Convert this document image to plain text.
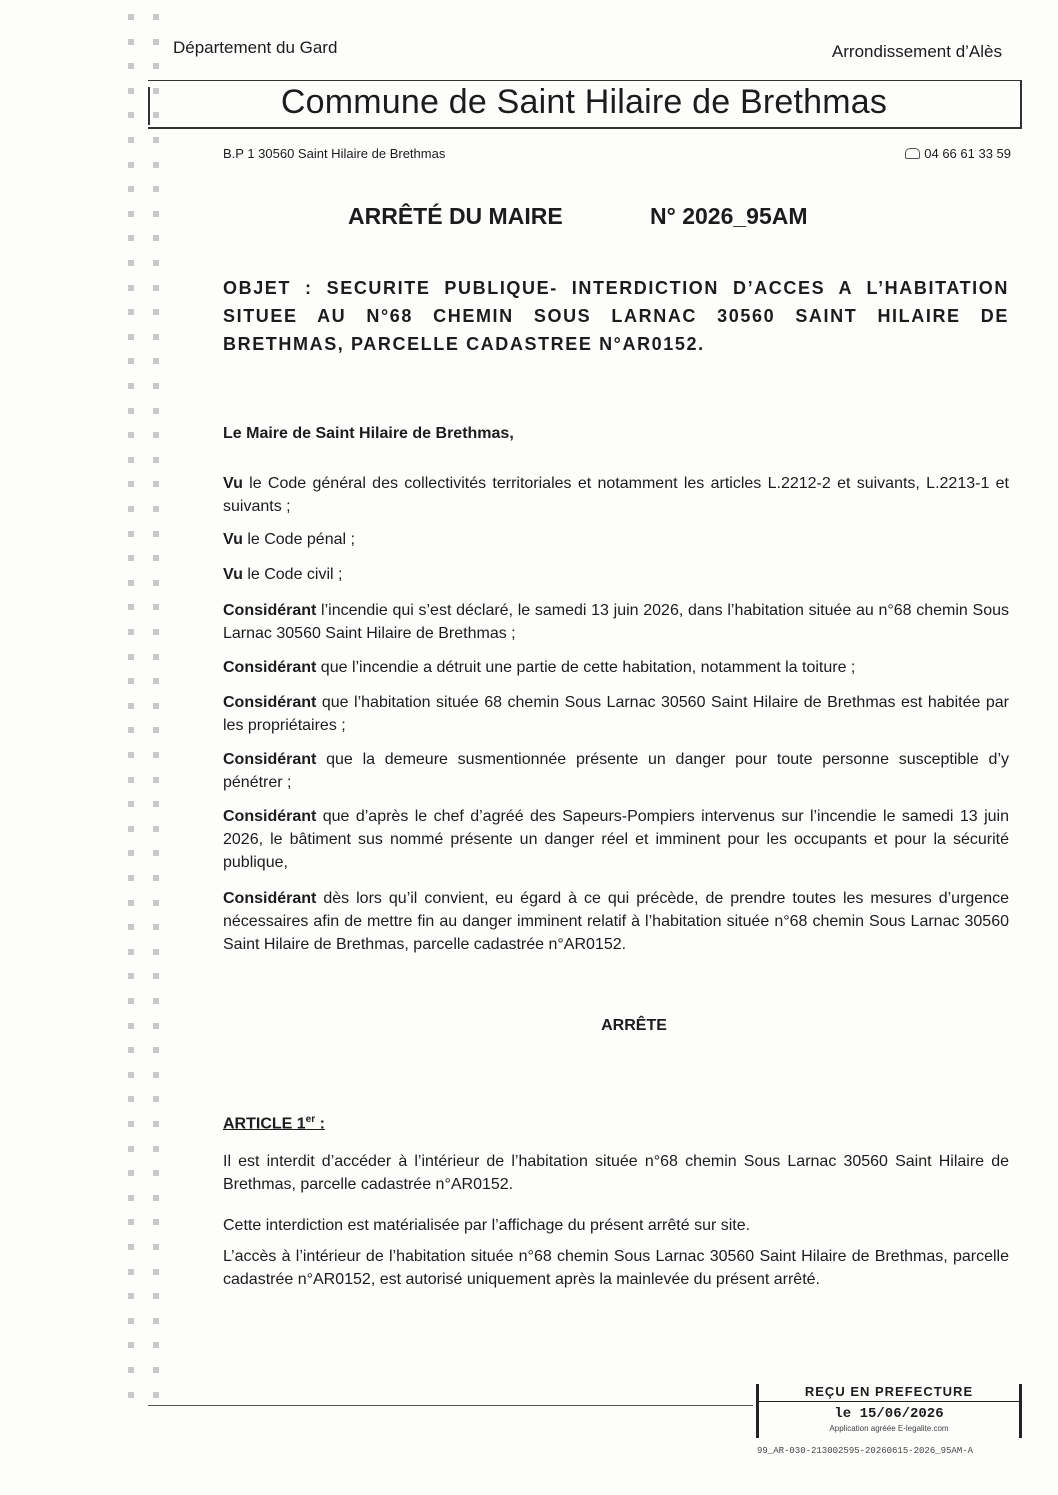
Département du Gard	Arrondissement d’Alès
Commune de Saint Hilaire de Brethmas
B.P 1 30560 Saint Hilaire de Brethmas	04 66 61 33 59
ARRÊTÉ DU MAIRE	N° 2026_95AM
OBJET : SECURITE PUBLIQUE- INTERDICTION D’ACCES A L’HABITATION SITUEE AU N°68 CHEMIN SOUS LARNAC 30560 SAINT HILAIRE DE BRETHMAS, PARCELLE CADASTREE N°AR0152.
Le Maire de Saint Hilaire de Brethmas,
Vu le Code général des collectivités territoriales et notamment les articles L.2212-2 et suivants, L.2213-1 et suivants ;
Vu le Code pénal ;
Vu le Code civil ;
Considérant l’incendie qui s’est déclaré, le samedi 13 juin 2026, dans l’habitation située au n°68 chemin Sous Larnac 30560 Saint Hilaire de Brethmas ;
Considérant que l’incendie a détruit une partie de cette habitation, notamment la toiture ;
Considérant que l’habitation située 68 chemin Sous Larnac 30560 Saint Hilaire de Brethmas est habitée par les propriétaires ;
Considérant que la demeure susmentionnée présente un danger pour toute personne susceptible d’y pénétrer ;
Considérant que d’après le chef d’agréé des Sapeurs-Pompiers intervenus sur l’incendie le samedi 13 juin 2026, le bâtiment sus nommé présente un danger réel et imminent pour les occupants et pour la sécurité publique,
Considérant dès lors qu’il convient, eu égard à ce qui précède, de prendre toutes les mesures d’urgence nécessaires afin de mettre fin au danger imminent relatif à l’habitation située n°68 chemin Sous Larnac 30560 Saint Hilaire de Brethmas, parcelle cadastrée n°AR0152.
ARRÊTE
ARTICLE 1er :
Il est interdit d’accéder à l’intérieur de l’habitation située n°68 chemin Sous Larnac 30560 Saint Hilaire de Brethmas, parcelle cadastrée n°AR0152.
Cette interdiction est matérialisée par l’affichage du présent arrêté sur site.
L’accès à l’intérieur de l’habitation située n°68 chemin Sous Larnac 30560 Saint Hilaire de Brethmas, parcelle cadastrée n°AR0152, est autorisé uniquement après la mainlevée du présent arrêté.
REÇU EN PREFECTURE
le 15/06/2026
Application agréée E-legalite.com
99_AR-030-213002595-20260615-2026_95AM-A
